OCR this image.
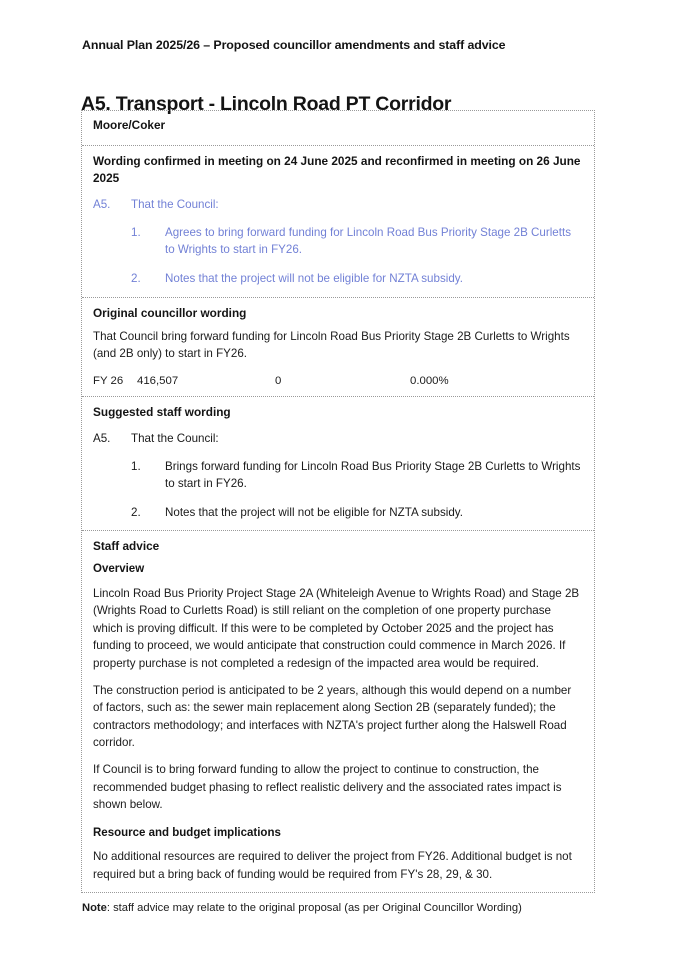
Annual Plan 2025/26 – Proposed councillor amendments and staff advice
A5. Transport - Lincoln Road PT Corridor
Moore/Coker
Wording confirmed in meeting on 24 June 2025 and reconfirmed in meeting on 26 June 2025
A5.	That the Council:
1.	Agrees to bring forward funding for Lincoln Road Bus Priority Stage 2B Curletts to Wrights to start in FY26.
2.	Notes that the project will not be eligible for NZTA subsidy.
Original councillor wording

That Council bring forward funding for Lincoln Road Bus Priority Stage 2B Curletts to Wrights (and 2B only) to start in FY26.

FY 26	416,507	0	0.000%
Suggested staff wording
A5.	That the Council:
1.	Brings forward funding for Lincoln Road Bus Priority Stage 2B Curletts to Wrights to start in FY26.
2.	Notes that the project will not be eligible for NZTA subsidy.
Staff advice
Overview

Lincoln Road Bus Priority Project Stage 2A (Whiteleigh Avenue to Wrights Road) and Stage 2B (Wrights Road to Curletts Road) is still reliant on the completion of one property purchase which is proving difficult. If this were to be completed by October 2025 and the project has funding to proceed, we would anticipate that construction could commence in March 2026. If property purchase is not completed a redesign of the impacted area would be required.

The construction period is anticipated to be 2 years, although this would depend on a number of factors, such as: the sewer main replacement along Section 2B (separately funded); the contractors methodology; and interfaces with NZTA's project further along the Halswell Road corridor.

If Council is to bring forward funding to allow the project to continue to construction, the recommended budget phasing to reflect realistic delivery and the associated rates impact is shown below.

Resource and budget implications

No additional resources are required to deliver the project from FY26. Additional budget is not required but a bring back of funding would be required from FY's 28, 29, & 30.

Note: staff advice may relate to the original proposal (as per Original Councillor Wording)
